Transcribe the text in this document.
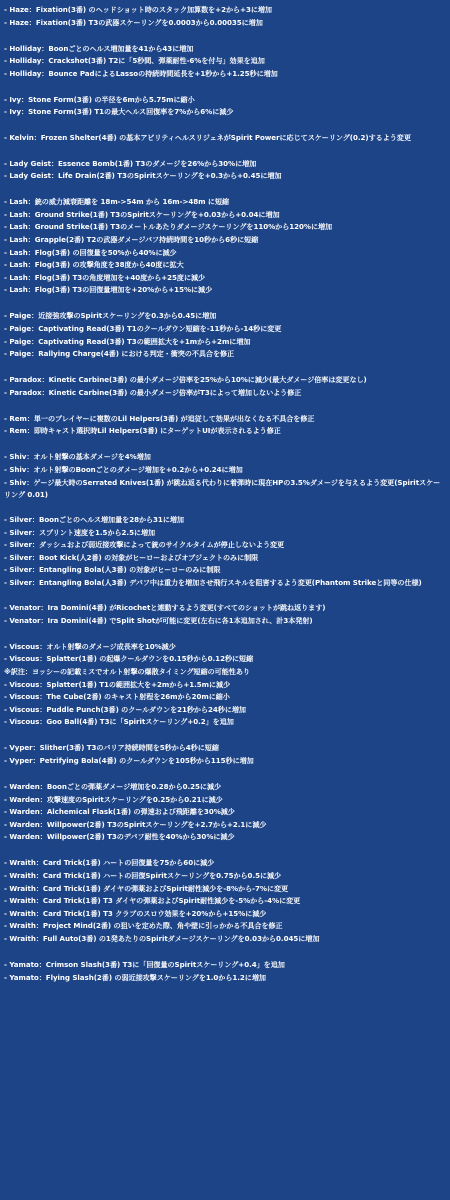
- Haze：Fixation(3番) のヘッドショット時のスタック加算数を+2から+3に増加
- Haze：Fixation(3番) T3の武器スケーリングを0.0003から0.00035に増加
- Holliday：Boonごとのヘルス増加量を41から43に増加
- Holliday：Crackshot(3番) T2に「5秒間、弾薬耐性-6%を付与」効果を追加
- Holliday：Bounce PadによるLassoの持続時間延長を+1秒から+1.25秒に増加
- Ivy：Stone Form(3番) の半径を6mから5.75mに縮小
- Ivy：Stone Form(3番) T1の最大ヘルス回復率を7%から6%に減少
- Kelvin：Frozen Shelter(4番) の基本アビリティヘルスリジェネがSpirit Powerに応じてスケーリング(0.2)するよう変更
- Lady Geist：Essence Bomb(1番) T3のダメージを26%から30%に増加
- Lady Geist：Life Drain(2番) T3のSpiritスケーリングを+0.3から+0.45に増加
- Lash：銃の威力減衰距離を 18m->54m から 16m->48m に短縮
- Lash：Ground Strike(1番) T3のSpiritスケーリングを+0.03から+0.04に増加
- Lash：Ground Strike(1番) T3のメートルあたりダメージスケーリングを110%から120%に増加
- Lash：Grapple(2番) T2の武器ダメージバフ持続時間を10秒から6秒に短縮
- Lash：Flog(3番) の回復量を50%から40%に減少
- Lash：Flog(3番) の攻撃角度を38度から40度に拡大
- Lash：Flog(3番) T3の角度増加を+40度から+25度に減少
- Lash：Flog(3番) T3の回復量増加を+20%から+15%に減少
- Paige：近接強攻撃のSpiritスケーリングを0.3から0.45に増加
- Paige：Captivating Read(3番) T1のクールダウン短縮を-11秒から-14秒に変更
- Paige：Captivating Read(3番) T3の範囲拡大を+1mから+2mに増加
- Paige：Rallying Charge(4番) における判定・衝突の不具合を修正
- Paradox：Kinetic Carbine(3番) の最小ダメージ倍率を25%から10%に減少(最大ダメージ倍率は変更なし)
- Paradox：Kinetic Carbine(3番) の最小ダメージ倍率がT3によって増加しないよう修正
- Rem：単一のプレイヤーに複数のLil Helpers(3番) が追従して効果が出なくなる不具合を修正
- Rem：即時キャスト選択時Lil Helpers(3番) にターゲットUIが表示されるよう修正
- Shiv：オルト射撃の基本ダメージを4%増加
- Shiv：オルト射撃のBoonごとのダメージ増加を+0.2から+0.24に増加
- Shiv：ゲージ最大時のSerrated Knives(1番) が跳ね返る代わりに着弾時に現在HPの3.5%ダメージを与えるよう変更(Spiritスケーリング 0.01)
- Silver：Boonごとのヘルス増加量を28から31に増加
- Silver：スプリント速度を1.5から2.5に増加
- Silver：ダッシュおよび弱近接攻撃によって銃のサイクルタイムが停止しないよう変更
- Silver：Boot Kick(人2番) の対象がヒーローおよびオブジェクトのみに制限
- Silver：Entangling Bola(人3番) の対象がヒーローのみに制限
- Silver：Entangling Bola(人3番) デバフ中は重力を増加させ飛行スキルを阻害するよう変更(Phantom Strikeと同等の仕様)
- Venator：Ira Domini(4番) がRicochetと連動するよう変更(すべてのショットが跳ね返ります)
- Venator：Ira Domini(4番) でSplit Shotが可能に変更(左右に各1本追加され、計3本発射)
- Viscous：オルト射撃のダメージ成長率を10%減少
- Viscous：Splatter(1番) の起爆クールダウンを0.15秒から0.12秒に短縮
※訳注：ヨッシーの記載ミスでオルト射撃の爆散タイミング短縮の可能性あり
- Viscous：Splatter(1番) T1の範囲拡大を+2mから+1.5mに減少
- Viscous：The Cube(2番) のキャスト射程を26mから20mに縮小
- Viscous：Puddle Punch(3番) のクールダウンを21秒から24秒に増加
- Viscous：Goo Ball(4番) T3に「Spiritスケーリング+0.2」を追加
- Vyper：Slither(3番) T3のバリア持続時間を5秒から4秒に短縮
- Vyper：Petrifying Bola(4番) のクールダウンを105秒から115秒に増加
- Warden：Boonごとの弾薬ダメージ増加を0.28から0.25に減少
- Warden：攻撃速度のSpiritスケーリングを0.25から0.21に減少
- Warden：Alchemical Flask(1番) の弾速および飛距離を30%減少
- Warden：Willpower(2番) T3のSpiritスケーリングを+2.7から+2.1に減少
- Warden：Willpower(2番) T3のデバフ耐性を40%から30%に減少
- Wraith：Card Trick(1番) ハートの回復量を75から60に減少
- Wraith：Card Trick(1番) ハートの回復Spiritスケーリングを0.75から0.5に減少
- Wraith：Card Trick(1番) ダイヤの弾薬およびSpirit耐性減少を-8%から-7%に変更
- Wraith：Card Trick(1番) T3 ダイヤの弾薬およびSpirit耐性減少を-5%から-4%に変更
- Wraith：Card Trick(1番) T3 クラブのスロウ効果を+20%から+15%に減少
- Wraith：Project Mind(2番) の狙いを定めた際、角や壁に引っかかる不具合を修正
- Wraith：Full Auto(3番) の1発あたりのSpiritダメージスケーリングを0.03から0.045に増加
- Yamato：Crimson Slash(3番) T3に「回復量のSpiritスケーリング+0.4」を追加
- Yamato：Flying Slash(2番) の弱近接攻撃スケーリングを1.0から1.2に増加
